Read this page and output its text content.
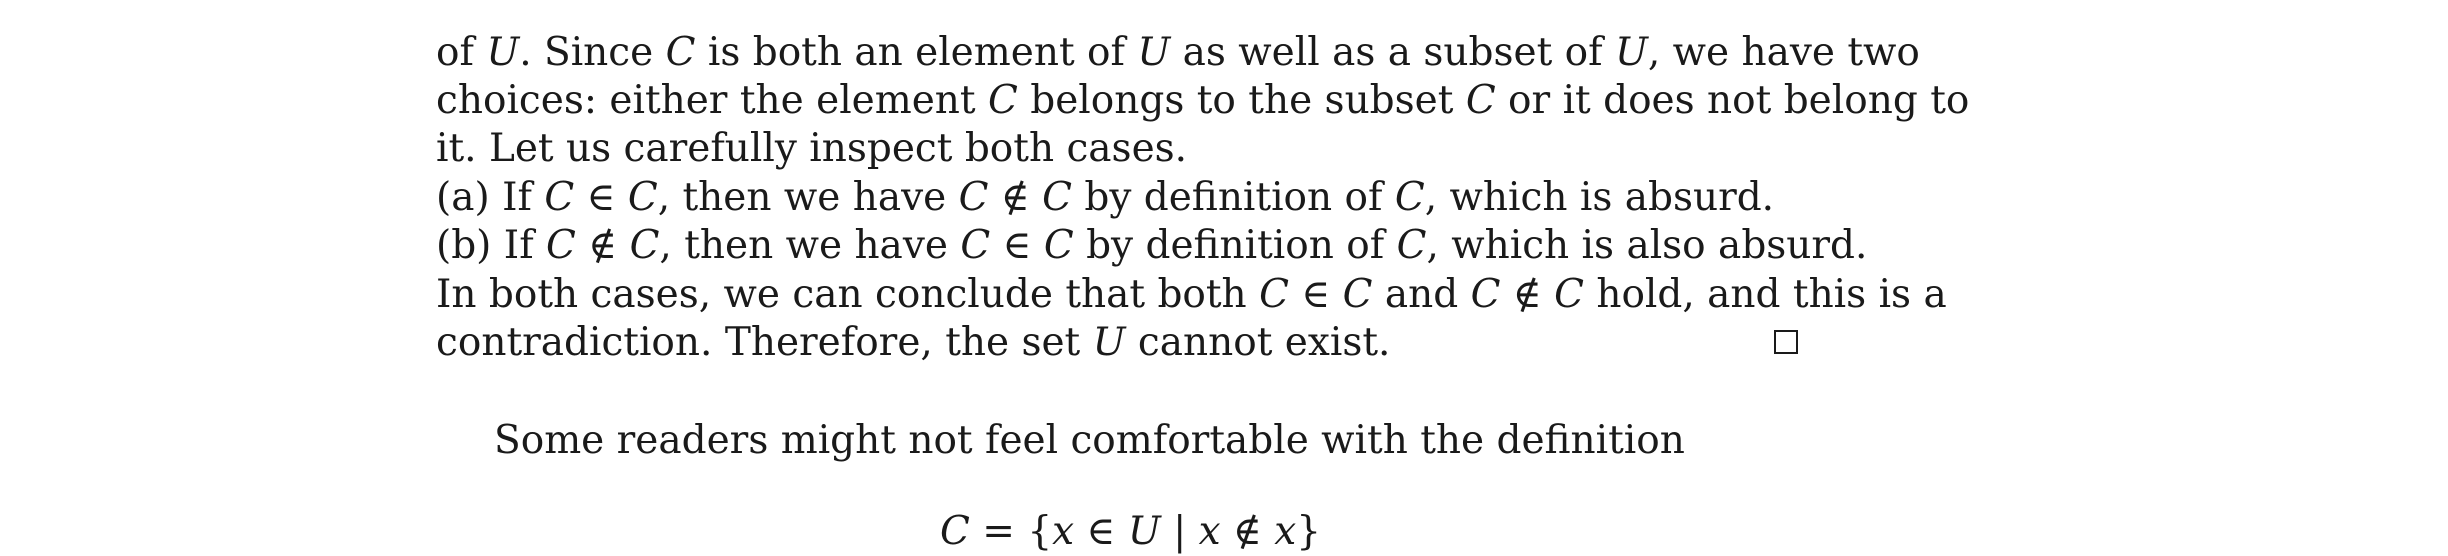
of U. Since C is both an element of U as well as a subset of U, we have two
choices: either the element C belongs to the subset C or it does not belong to
it. Let us carefully inspect both cases.
(a) If C ∈ C, then we have C ∉ C by definition of C, which is absurd.
(b) If C ∉ C, then we have C ∈ C by definition of C, which is also absurd.
In both cases, we can conclude that both C ∈ C and C ∉ C hold, and this is a
contradiction. Therefore, the set U cannot exist.
Some readers might not feel comfortable with the definition
C = {x ∈ U | x ∉ x}
